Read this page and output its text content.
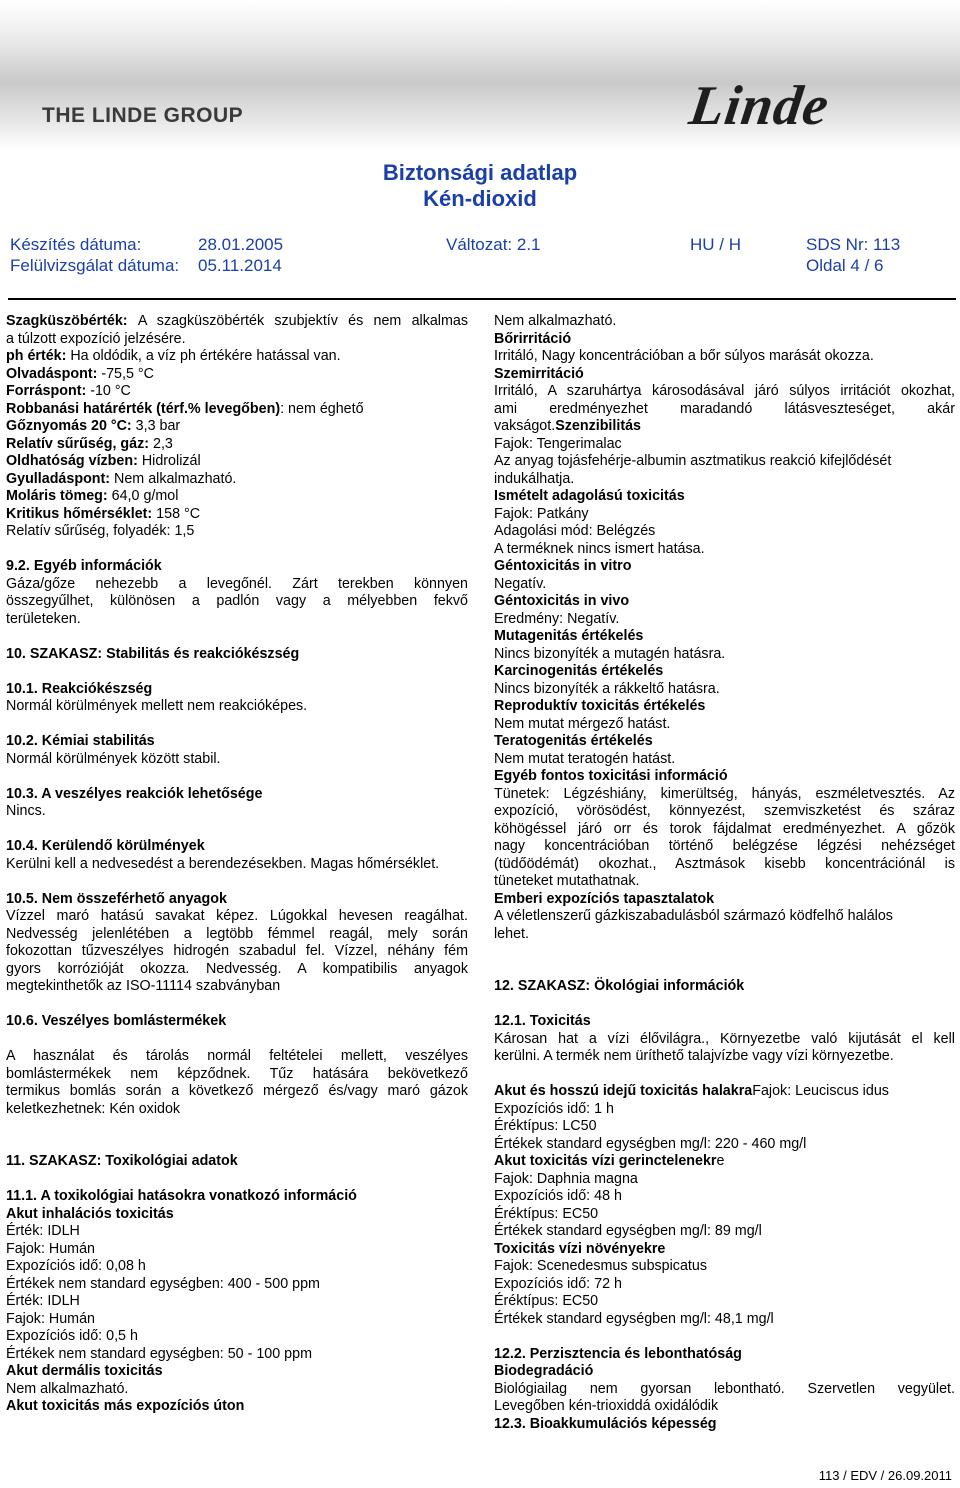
THE LINDE GROUP	Linde
Biztonsági adatlap
Kén-dioxid
Készítés dátuma:	28.01.2005
Felülvizsgálat dátuma: 05.11.2014
Változat: 2.1	HU / H	SDS Nr: 113
Oldal 4 / 6
Szagküszöbérték: A szagküszöbérték szubjektív és nem alkalmas
a túlzott expozíció jelzésére.
ph érték: Ha oldódik, a víz ph értékére hatással van.
Olvadáspont: -75,5 °C
Forráspont: -10 °C
Robbanási határérték (térf.% levegőben): nem éghető
Gőznyomás 20 °C: 3,3 bar
Relatív sűrűség, gáz: 2,3
Oldhatóság vízben: Hidrolizál
Gyulladáspont: Nem alkalmazható.
Moláris tömeg: 64,0 g/mol
Kritikus hőmérséklet: 158 °C
Relatív sűrűség, folyadék: 1,5
9.2. Egyéb információk
Gáza/gőze nehezebb a levegőnél. Zárt terekben könnyen
összegyűlhet, különösen a padlón vagy a mélyebben fekvő
területeken.
10. SZAKASZ: Stabilitás és reakciókészség
10.1. Reakciókészség
Normál körülmények mellett nem reakcióképes.
10.2. Kémiai stabilitás
Normál körülmények között stabil.
10.3. A veszélyes reakciók lehetősége
Nincs.
10.4. Kerülendő körülmények
Kerülni kell a nedvesedést a berendezésekben. Magas hőmérséklet.
10.5. Nem összeférhető anyagok
Vízzel maró hatású savakat képez. Lúgokkal hevesen reagálhat.
Nedvesség jelenlétében a legtöbb fémmel reagál, mely során
fokozottan tűzveszélyes hidrogén szabadul fel. Vízzel, néhány fém
gyors korrózióját okozza. Nedvesség. A kompatibilis anyagok
megtekinthetők az ISO-11114 szabványban
10.6. Veszélyes bomlástermékek
A használat és tárolás normál feltételei mellett, veszélyes
bomlástermékek nem képződnek. Tűz hatására bekövetkező
termikus bomlás során a következő mérgező és/vagy maró gázok
keletkezhetnek: Kén oxidok
11. SZAKASZ: Toxikológiai adatok
11.1. A toxikológiai hatásokra vonatkozó információ
Akut inhalációs toxicitás
Érték: IDLH
Fajok: Humán
Expozíciós idő: 0,08 h
Értékek nem standard egységben: 400 - 500 ppm
Érték: IDLH
Fajok: Humán
Expozíciós idő: 0,5 h
Értékek nem standard egységben: 50 - 100 ppm
Akut dermális toxicitás
Nem alkalmazható.
Akut toxicitás más expozíciós úton
Nem alkalmazható.
Bőrirritáció
Irritáló, Nagy koncentrációban a bőr súlyos marását okozza.
Szemirritáció
Irritáló, A szaruhártya károsodásával járó súlyos irritációt okozhat,
ami eredményezhet maradandó látásveszteséget, akár
vakságot.Szenzibilitás
Fajok: Tengerimalac
Az anyag tojásfehérje-albumin asztmatikus reakció kifejlődését
indukálhatja.
Ismételt adagolású toxicitás
Fajok: Patkány
Adagolási mód: Belégzés
A terméknek nincs ismert hatása.
Géntoxicitás in vitro
Negatív.
Géntoxicitás in vivo
Eredmény: Negatív.
Mutagenitás értékelés
Nincs bizonyíték a mutagén hatásra.
Karcinogenitás értékelés
Nincs bizonyíték a rákkeltő hatásra.
Reproduktív toxicitás értékelés
Nem mutat mérgező hatást.
Teratogenitás értékelés
Nem mutat teratogén hatást.
Egyéb fontos toxicitási információ
Tünetek: Légzéshiány, kimerültség, hányás, eszméletvesztés. Az
expozíció, vörösödést, könnyezést, szemviszketést és száraz
köhögéssel járó orr és torok fájdalmat eredményezhet. A gőzök
nagy koncentrációban történő belégzése légzési nehézséget
(tüdőödémát) okozhat., Asztmások kisebb koncentrációnál is
tüneteket mutathatnak.
Emberi expozíciós tapasztalatok
A véletlenszerű gázkiszabadulásból származó ködfelhő halálos
lehet.
12. SZAKASZ: Ökológiai információk
12.1. Toxicitás
Károsan hat a vízi élővilágra., Környezetbe való kijutását el kell
kerülni. A termék nem üríthető talajvízbe vagy vízi környezetbe.
Akut és hosszú idejű toxicitás halakraFajok: Leuciscus idus
Expozíciós idő: 1 h
Éréktípus: LC50
Értékek standard egységben mg/l: 220 - 460 mg/l
Akut toxicitás vízi gerinctelenekre
Fajok: Daphnia magna
Expozíciós idő: 48 h
Éréktípus: EC50
Értékek standard egységben mg/l: 89 mg/l
Toxicitás vízi növényekre
Fajok: Scenedesmus subspicatus
Expozíciós idő: 72 h
Éréktípus: EC50
Értékek standard egységben mg/l: 48,1 mg/l
12.2. Perzisztencia és lebonthatóság
Biodegradáció
Biológiailag nem gyorsan lebontható. Szervetlen vegyület.
Levegőben kén-trioxiddá oxidálódik
12.3. Bioakkumulációs képesség
113 / EDV / 26.09.2011
